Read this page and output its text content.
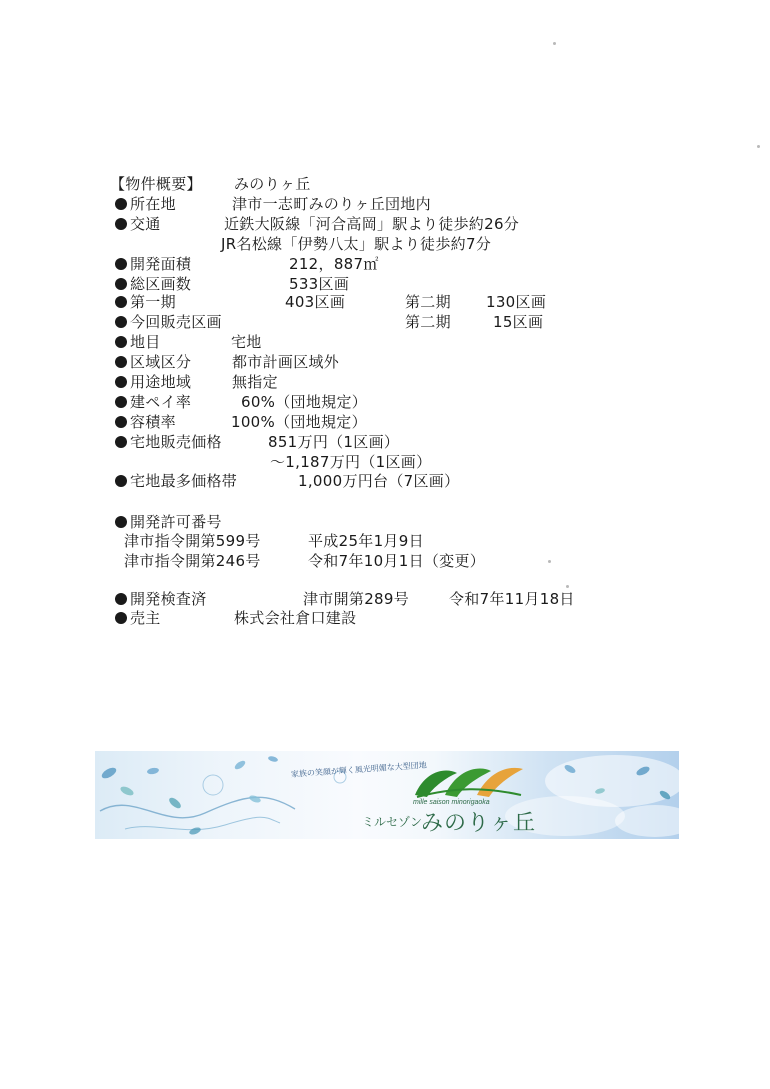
【物件概要】 みのりヶ丘
所在地	津市一志町みのりヶ丘団地内
交通	近鉄大阪線「河合高岡」駅より徒歩約26分
JR名松線「伊勢八太」駅より徒歩約7分
開発面積	212，887㎡
総区画数	533区画
第一期	403区画	第二期 130区画
今回販売区画	第二期	15区画
地目	宅地
区域区分	都市計画区域外
用途地域	無指定
建ペイ率	60%（団地規定）
容積率	100%（団地規定）
宅地販売価格	851万円（1区画）
〜1,187万円（1区画）
宅地最多価格帯	1,000万円台（7区画）
開発許可番号
津市指令開第599号	平成25年1月9日
津市指令開第246号	令和7年10月1日（変更）
開発検査済	津市開第289号	令和7年11月18日
売主	株式会社倉口建設
家族の笑顔が輝く風光明媚な大型団地
mille saison minorigaoka
ミルセゾン
みのりヶ丘
